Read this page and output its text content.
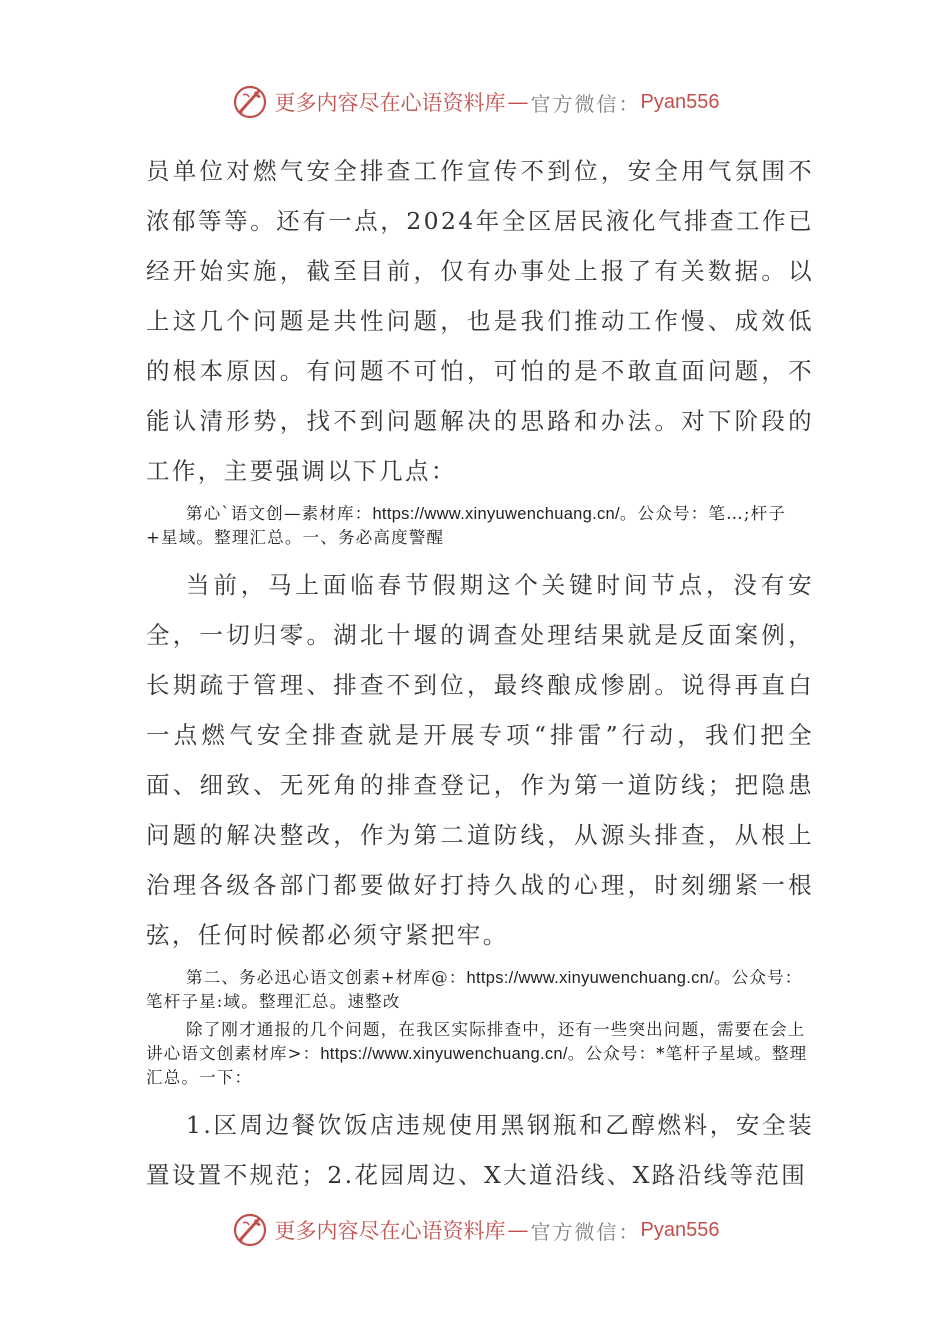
更多内容尽在心语资料库 — 官方微信： Pyan556

员单位对燃气安全排查工作宣传不到位，安全用气氛围不浓郁等等。还有一点，2024年全区居民液化气排查工作已经开始实施，截至目前，仅有办事处上报了有关数据。以上这几个问题是共性问题，也是我们推动工作慢、成效低的根本原因。有问题不可怕，可怕的是不敢直面问题，不能认清形势，找不到问题解决的思路和办法。对下阶段的工作，主要强调以下几点：

第心`语文创—素材库：https://www.xinyuwenchuang.cn/。公众号：笔…;杆子+星域。整理汇总。一、务必高度警醒

当前，马上面临春节假期这个关键时间节点，没有安全，一切归零。湖北十堰的调查处理结果就是反面案例，长期疏于管理、排查不到位，最终酿成惨剧。说得再直白一点燃气安全排查就是开展专项“排雷”行动，我们把全面、细致、无死角的排查登记，作为第一道防线；把隐患问题的解决整改，作为第二道防线，从源头排查，从根上治理各级各部门都要做好打持久战的心理，时刻绷紧一根弦，任何时候都必须守紧把牢。

第二、务必迅心语文创素+材库@：https://www.xinyuwenchuang.cn/。公众号：笔杆子星:域。整理汇总。速整改

除了刚才通报的几个问题，在我区实际排查中，还有一些突出问题，需要在会上讲心语文创素材库>：https://www.xinyuwenchuang.cn/。公众号：*笔杆子星域。整理汇总。一下：

1.区周边餐饮饭店违规使用黑钢瓶和乙醇燃料，安全装置设置不规范；2.花园周边、X大道沿线、X路沿线等范围

更多内容尽在心语资料库 — 官方微信： Pyan556
